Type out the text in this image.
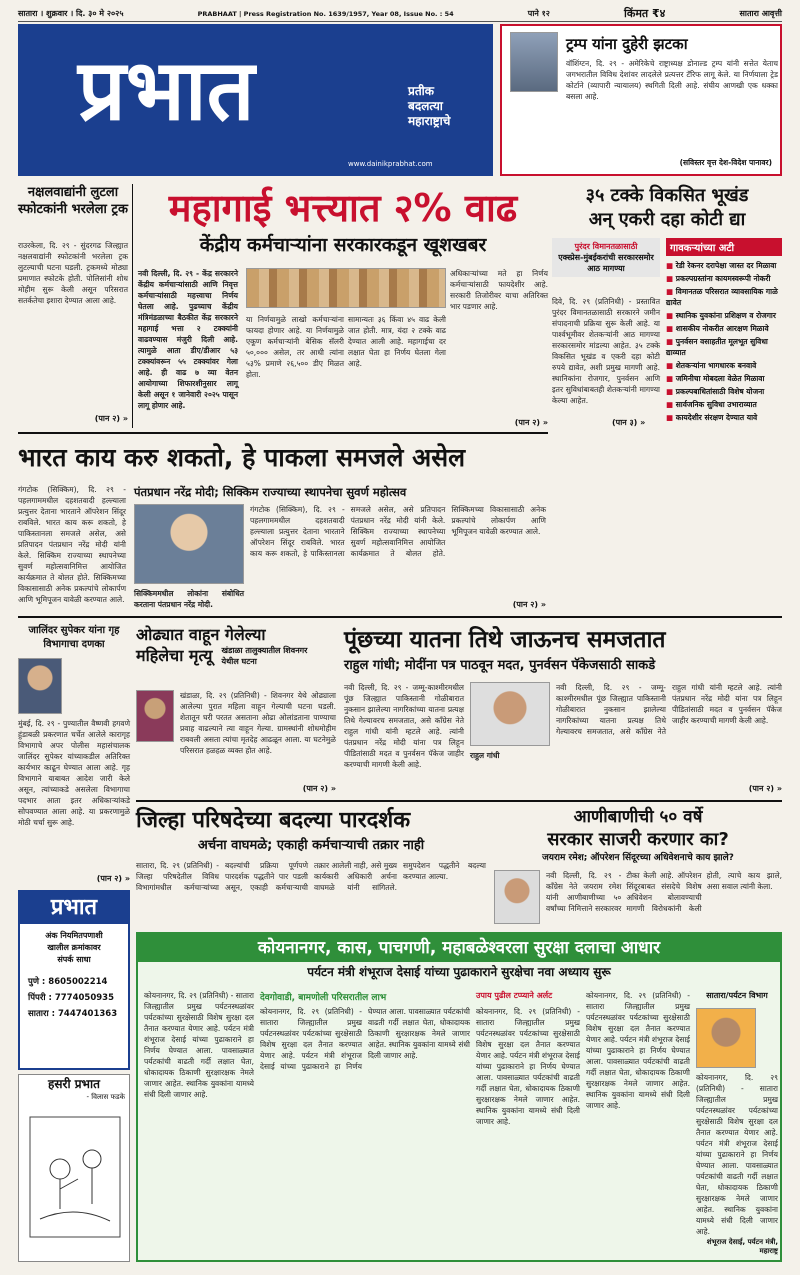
सातारा । शुक्रवार । दि. ३० मे २०२५	PRABHAAT | Press Registration No. 1639/1957, Year 08, Issue No. : 54	पाने १२	किंमत ₹४	सातारा आवृत्ती
प्रभात	प्रतीक
बदलत्या
महाराष्ट्राचे
www.dainikprabhat.com
ट्रम्प यांना दुहेरी झटका
वॉशिंग्टन, दि. २९ - अमेरिकेचे राष्ट्राध्यक्ष डोनाल्ड ट्रम्प यांनी सत्तेत येताच जगभरातील विविध देशांवर लादलेले प्रत्यत्तर टॅरिफ लागू केले. या निर्णयाला ट्रेड कोर्टाने (व्यापारी न्यायालय) स्थगिती दिली आहे. संघीय आणखी एक धक्का बसला आहे.
(सविस्तर वृत्त देश-विदेश पानावर)
नक्षलवाद्यांनी लुटला स्फोटकांनी भरलेला ट्रक
राउरकेला, दि. २९ - सुंदरगढ जिल्ह्यात नक्षलवाद्यांनी स्फोटकांनी भरलेला ट्रक लुटल्याची घटना घडली. ट्रकमध्ये मोठ्या प्रमाणात स्फोटके होती. पोलिसांनी शोध मोहीम सुरू केली असून परिसरात सतर्कतेचा इशारा देण्यात आला आहे.
(पान २) »
महागाई भत्त्यात २% वाढ
केंद्रीय कर्मचाऱ्यांना सरकारकडून खूशखबर
नवी दिल्ली, दि. २९ - केंद्र सरकारने केंद्रीय कर्मचाऱ्यांसाठी आणि निवृत्त कर्मचाऱ्यांसाठी महत्त्वाचा निर्णय घेतला आहे. पुढच्याच केंद्रीय मंत्रिमंडळाच्या बैठकीत केंद्र सरकारने महागाई भत्ता २ टक्क्यांनी वाढवण्यास मंजुरी दिली आहे. त्यामुळे आता डीए/डीआर ५३ टक्क्यांवरून ५५ टक्क्यांवर गेला आहे. ही वाढ ७ व्या वेतन आयोगाच्या शिफारशीनुसार लागू केली असून १ जानेवारी २०२५ पासून लागू होणार आहे.
या निर्णयामुळे लाखो कर्मचाऱ्यांना फायदा होणार आहे. या निर्णयामुळे एकूण कर्मचाऱ्यांनी बेसिक सॅलरी ५०,००० असेल, तर आधी त्यांना ५३% प्रमाणे २६,५०० डीए मिळत होता.
सामान्यतः ३६ किंवा ४५ वाढ केली जात होती. मात्र, यंदा २ टक्के वाढ देण्यात आली आहे. महागाईचा दर लक्षात घेता हा निर्णय घेतला गेला आहे.
अधिकाऱ्यांच्या मते हा निर्णय कर्मचाऱ्यांसाठी फायदेशीर आहे. सरकारी तिजोरीवर याचा अतिरिक्त भार पडणार आहे.
(पान २) »
३५ टक्के विकसित भूखंड
अन् एकरी दहा कोटी द्या
पुरंदर विमानतळासाठी
एक्स्प्रेस-मुंबईकरांची सरकारसमोर आठ मागण्या
दिवे, दि. २९ (प्रतिनिधी) - प्रस्तावित पुरंदर विमानतळासाठी सरकारने जमीन संपादनाची प्रक्रिया सुरू केली आहे. या पार्श्वभूमीवर शेतकऱ्यांनी आठ मागण्या सरकारसमोर मांडल्या आहेत. ३५ टक्के विकसित भूखंड व एकरी दहा कोटी रुपये द्यावेत, अशी प्रमुख मागणी आहे. स्थानिकांना रोजगार, पुनर्वसन आणि इतर सुविधांबाबतही शेतकऱ्यांनी मागण्या केल्या आहेत.
(पान ३) »
गावकऱ्यांच्या अटी
■ रेडी रेकनर दरापेक्षा जास्त दर मिळावा
■ प्रकल्पग्रस्तांना कायमस्वरूपी नोकरी
■ विमानतळ परिसरात व्यावसायिक गाळे द्यावेत
■ स्थानिक युवकांना प्रशिक्षण व रोजगार
■ शासकीय नोकरीत आरक्षण मिळावे
■ पुनर्वसन वसाहतीत मूलभूत सुविधा द्याव्यात
■ शेतकऱ्यांना भागधारक बनवावे
■ जमिनीचा मोबदला वेळेत मिळावा
■ प्रकल्पबाधितांसाठी विशेष योजना
■ सार्वजनिक सुविधा उभाराव्यात
■ कायदेशीर संरक्षण देण्यात यावे
भारत काय करु शकतो, हे पाकला समजले असेल
गंगटोक (सिक्किम), दि. २९ - पहलगाममधील दहशतवादी हल्ल्याला प्रत्युत्तर देताना भारताने ऑपरेशन सिंदूर राबविले. भारत काय करू शकतो, हे पाकिस्तानला समजले असेल, असे प्रतिपादन पंतप्रधान नरेंद्र मोदी यांनी केले. सिक्किम राज्याच्या स्थापनेच्या सुवर्ण महोत्सवानिमित्त आयोजित कार्यक्रमात ते बोलत होते. सिक्किमच्या विकासासाठी अनेक प्रकल्पांचे लोकार्पण आणि भूमिपूजन यावेळी करण्यात आले.
पंतप्रधान नरेंद्र मोदी; सिक्किम राज्याच्या स्थापनेचा सुवर्ण महोत्सव
सिक्किममधील लोकांना संबोधित करताना पंतप्रधान नरेंद्र मोदी.
गंगटोक (सिक्किम), दि. २९ - पहलगाममधील दहशतवादी हल्ल्याला प्रत्युत्तर देताना भारताने ऑपरेशन सिंदूर राबविले. भारत काय करू शकतो, हे पाकिस्तानला समजले असेल, असे प्रतिपादन पंतप्रधान नरेंद्र मोदी यांनी केले. सिक्किम राज्याच्या स्थापनेच्या सुवर्ण महोत्सवानिमित्त आयोजित कार्यक्रमात ते बोलत होते. सिक्किमच्या विकासासाठी अनेक प्रकल्पांचे लोकार्पण आणि भूमिपूजन यावेळी करण्यात आले.
(पान २) »
जालिंदर सुपेकर यांना गृह विभागाचा दणका
मुंबई, दि. २९ - पुण्यातील वैष्णवी हगवणे हुंडाबळी प्रकरणात चर्चेत आलेले कारागृह विभागाचे अपर पोलीस महासंचालक जालिंदर सुपेकर यांच्याकडील अतिरिक्त कार्यभार काढून घेण्यात आला आहे. गृह विभागाने याबाबत आदेश जारी केले असून, त्यांच्याकडे असलेला विभागाचा पदभार आता इतर अधिकाऱ्यांकडे सोपवण्यात आला आहे. या प्रकरणामुळे मोठी चर्चा सुरू आहे.
(पान २) »
ओढ्यात वाहून गेलेल्या
महिलेचा मृत्यू खंडाळा तालुक्यातील शिवनगर येथील घटना
खंडाळा, दि. २९ (प्रतिनिधी) - शिवनगर येथे ओढ्याला आलेल्या पुरात महिला वाहून गेल्याची घटना घडली. शेतातून घरी परतत असताना ओढा ओलांडताना पाण्याचा प्रवाह वाढल्याने त्या वाहून गेल्या. ग्रामस्थांनी शोधमोहीम राबवली असता त्यांचा मृतदेह आढळून आला. या घटनेमुळे परिसरात हळहळ व्यक्त होत आहे.
(पान २) »
पूंछच्या यातना तिथे जाऊनच समजतात
राहुल गांधी; मोदींना पत्र पाठवून मदत, पुनर्वसन पॅकेजसाठी साकडे
नवी दिल्ली, दि. २९ - जम्मू-काश्मीरमधील पूंछ जिल्ह्यात पाकिस्तानी गोळीबारात नुकसान झालेल्या नागरिकांच्या यातना प्रत्यक्ष तिथे गेल्यावरच समजतात, असे काँग्रेस नेते राहुल गांधी यांनी म्हटले आहे. त्यांनी पंतप्रधान नरेंद्र मोदी यांना पत्र लिहून पीडितांसाठी मदत व पुनर्वसन पॅकेज जाहीर करण्याची मागणी केली आहे.
राहुल गांधी
नवी दिल्ली, दि. २९ - जम्मू-काश्मीरमधील पूंछ जिल्ह्यात पाकिस्तानी गोळीबारात नुकसान झालेल्या नागरिकांच्या यातना प्रत्यक्ष तिथे गेल्यावरच समजतात, असे काँग्रेस नेते राहुल गांधी यांनी म्हटले आहे. त्यांनी पंतप्रधान नरेंद्र मोदी यांना पत्र लिहून पीडितांसाठी मदत व पुनर्वसन पॅकेज जाहीर करण्याची मागणी केली आहे.
(पान २) »
जिल्हा परिषदेच्या बदल्या पारदर्शक
अर्चना वाघमळे; एकाही कर्मचाऱ्याची तक्रार नाही
सातारा, दि. २९ (प्रतिनिधी) - जिल्हा परिषदेतील विविध विभागांमधील कर्मचाऱ्यांच्या बदल्यांची प्रक्रिया पूर्णपणे पारदर्शक पद्धतीने पार पडली असून, एकाही कर्मचाऱ्याची तक्रार आलेली नाही, असे मुख्य कार्यकारी अधिकारी अर्चना वाघमळे यांनी सांगितले. समुपदेशन पद्धतीने बदल्या करण्यात आल्या.
प्रभात
अंक नियमितपणाशी
खालील क्रमांकावर
संपर्क साधा
पुणे : 8605002214
पिंपरी : 7774050935
सातारा : 7447401363
आणीबाणीची ५० वर्षे
सरकार साजरी करणार का?
जयराम रमेश; ऑपरेशन सिंदूरच्या अधिवेशनाचे काय झाले?
नवी दिल्ली, दि. २९ - काँग्रेस नेते जयराम रमेश यांनी आणीबाणीच्या ५० वर्षांच्या निमित्ताने सरकारवर टीका केली आहे. ऑपरेशन सिंदूरबाबत संसदेचे विशेष अधिवेशन बोलावण्याची मागणी विरोधकांनी केली होती, त्याचे काय झाले, असा सवाल त्यांनी केला.
कोयनानगर, कास, पाचगणी, महाबळेश्वरला सुरक्षा दलाचा आधार
पर्यटन मंत्री शंभूराज देसाई यांच्या पुढाकाराने सुरक्षेचा नवा अध्याय सुरू
कोयनानगर, दि. २९ (प्रतिनिधी) - सातारा जिल्ह्यातील प्रमुख पर्यटनस्थळांवर पर्यटकांच्या सुरक्षेसाठी विशेष सुरक्षा दल तैनात करण्यात येणार आहे. पर्यटन मंत्री शंभूराज देसाई यांच्या पुढाकाराने हा निर्णय घेण्यात आला. पावसाळ्यात पर्यटकांची वाढती गर्दी लक्षात घेता, धोकादायक ठिकाणी सुरक्षारक्षक नेमले जाणार आहेत. स्थानिक युवकांना यामध्ये संधी दिली जाणार आहे.
देवगोवाडी, बामणोली परिसरातील लाभ
कोयनानगर, दि. २९ (प्रतिनिधी) - सातारा जिल्ह्यातील प्रमुख पर्यटनस्थळांवर पर्यटकांच्या सुरक्षेसाठी विशेष सुरक्षा दल तैनात करण्यात येणार आहे. पर्यटन मंत्री शंभूराज देसाई यांच्या पुढाकाराने हा निर्णय घेण्यात आला. पावसाळ्यात पर्यटकांची वाढती गर्दी लक्षात घेता, धोकादायक ठिकाणी सुरक्षारक्षक नेमले जाणार आहेत. स्थानिक युवकांना यामध्ये संधी दिली जाणार आहे.
उपाय पुढील टप्प्याने अर्लट
कोयनानगर, दि. २९ (प्रतिनिधी) - सातारा जिल्ह्यातील प्रमुख पर्यटनस्थळांवर पर्यटकांच्या सुरक्षेसाठी विशेष सुरक्षा दल तैनात करण्यात येणार आहे. पर्यटन मंत्री शंभूराज देसाई यांच्या पुढाकाराने हा निर्णय घेण्यात आला. पावसाळ्यात पर्यटकांची वाढती गर्दी लक्षात घेता, धोकादायक ठिकाणी सुरक्षारक्षक नेमले जाणार आहेत. स्थानिक युवकांना यामध्ये संधी दिली जाणार आहे.
कोयनानगर, दि. २९ (प्रतिनिधी) - सातारा जिल्ह्यातील प्रमुख पर्यटनस्थळांवर पर्यटकांच्या सुरक्षेसाठी विशेष सुरक्षा दल तैनात करण्यात येणार आहे. पर्यटन मंत्री शंभूराज देसाई यांच्या पुढाकाराने हा निर्णय घेण्यात आला. पावसाळ्यात पर्यटकांची वाढती गर्दी लक्षात घेता, धोकादायक ठिकाणी सुरक्षारक्षक नेमले जाणार आहेत. स्थानिक युवकांना यामध्ये संधी दिली जाणार आहे.
सातारा/पर्यटन विभाग
कोयनानगर, दि. २९ (प्रतिनिधी) - सातारा जिल्ह्यातील प्रमुख पर्यटनस्थळांवर पर्यटकांच्या सुरक्षेसाठी विशेष सुरक्षा दल तैनात करण्यात येणार आहे. पर्यटन मंत्री शंभूराज देसाई यांच्या पुढाकाराने हा निर्णय घेण्यात आला. पावसाळ्यात पर्यटकांची वाढती गर्दी लक्षात घेता, धोकादायक ठिकाणी सुरक्षारक्षक नेमले जाणार आहेत. स्थानिक युवकांना यामध्ये संधी दिली जाणार आहे.
शंभूराज देसाई, पर्यटन मंत्री, महाराष्ट्र
हसरी प्रभात
- विलास फडके
